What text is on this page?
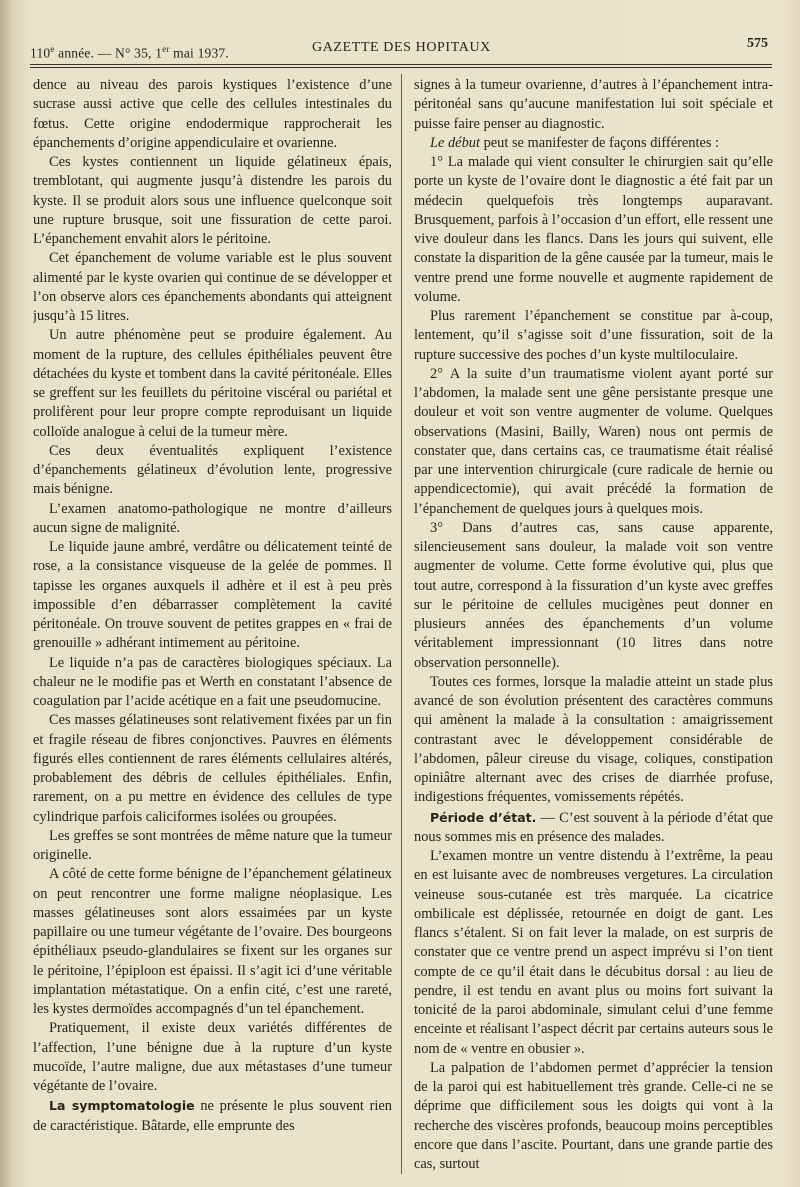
110e année. — N° 35, 1er mai 1937.	GAZETTE DES HOPITAUX	575

dence au niveau des parois kystiques l’existence d’une sucrase aussi active que celle des cellules intestinales du fœtus. Cette origine endodermique rapprocherait les épanchements d’origine appendiculaire et ovarienne.

Ces kystes contiennent un liquide gélatineux épais, tremblotant, qui augmente jusqu’à distendre les parois du kyste. Il se produit alors sous une influence quelconque soit une rupture brusque, soit une fissuration de cette paroi. L’épanchement envahit alors le péritoine.

Cet épanchement de volume variable est le plus souvent alimenté par le kyste ovarien qui continue de se développer et l’on observe alors ces épanchements abondants qui atteignent jusqu’à 15 litres.

Un autre phénomène peut se produire également. Au moment de la rupture, des cellules épithéliales peuvent être détachées du kyste et tombent dans la cavité péritonéale. Elles se greffent sur les feuillets du péritoine viscéral ou pariétal et prolifèrent pour leur propre compte reproduisant un liquide colloïde analogue à celui de la tumeur mère.

Ces deux éventualités expliquent l’existence d’épanchements gélatineux d’évolution lente, progressive mais bénigne.

L’examen anatomo-pathologique ne montre d’ailleurs aucun signe de malignité.

Le liquide jaune ambré, verdâtre ou délicatement teinté de rose, a la consistance visqueuse de la gelée de pommes. Il tapisse les organes auxquels il adhère et il est à peu près impossible d’en débarrasser complètement la cavité péritonéale. On trouve souvent de petites grappes en « frai de grenouille » adhérant intimement au péritoine.

Le liquide n’a pas de caractères biologiques spéciaux. La chaleur ne le modifie pas et Werth en constatant l’absence de coagulation par l’acide acétique en a fait une pseudomucine.

Ces masses gélatineuses sont relativement fixées par un fin et fragile réseau de fibres conjonctives. Pauvres en éléments figurés elles contiennent de rares éléments cellulaires altérés, probablement des débris de cellules épithéliales. Enfin, rarement, on a pu mettre en évidence des cellules de type cylindrique parfois caliciformes isolées ou groupées.

Les greffes se sont montrées de même nature que la tumeur originelle.

A côté de cette forme bénigne de l’épanchement gélatineux on peut rencontrer une forme maligne néoplasique. Les masses gélatineuses sont alors essaimées par un kyste papillaire ou une tumeur végétante de l’ovaire. Des bourgeons épithéliaux pseudo-glandulaires se fixent sur les organes sur le péritoine, l’épiploon est épaissi. Il s’agit ici d’une véritable implantation métastatique. On a enfin cité, c’est une rareté, les kystes dermoïdes accompagnés d’un tel épanchement.

Pratiquement, il existe deux variétés différentes de l’affection, l’une bénigne due à la rupture d’un kyste mucoïde, l’autre maligne, due aux métastases d’une tumeur végétante de l’ovaire.

La symptomatologie ne présente le plus souvent rien de caractéristique. Bâtarde, elle emprunte des

signes à la tumeur ovarienne, d’autres à l’épanchement intra-péritonéal sans qu’aucune manifestation lui soit spéciale et puisse faire penser au diagnostic.

Le début peut se manifester de façons différentes :

1° La malade qui vient consulter le chirurgien sait qu’elle porte un kyste de l’ovaire dont le diagnostic a été fait par un médecin quelquefois très longtemps auparavant. Brusquement, parfois à l’occasion d’un effort, elle ressent une vive douleur dans les flancs. Dans les jours qui suivent, elle constate la disparition de la gêne causée par la tumeur, mais le ventre prend une forme nouvelle et augmente rapidement de volume.

Plus rarement l’épanchement se constitue par à-coup, lentement, qu’il s’agisse soit d’une fissuration, soit de la rupture successive des poches d’un kyste multiloculaire.

2° A la suite d’un traumatisme violent ayant porté sur l’abdomen, la malade sent une gêne persistante presque une douleur et voit son ventre augmenter de volume. Quelques observations (Masini, Bailly, Waren) nous ont permis de constater que, dans certains cas, ce traumatisme était réalisé par une intervention chirurgicale (cure radicale de hernie ou appendicectomie), qui avait précédé la formation de l’épanchement de quelques jours à quelques mois.

3° Dans d’autres cas, sans cause apparente, silencieusement sans douleur, la malade voit son ventre augmenter de volume. Cette forme évolutive qui, plus que tout autre, correspond à la fissuration d’un kyste avec greffes sur le péritoine de cellules mucigènes peut donner en plusieurs années des épanchements d’un volume véritablement impressionnant (10 litres dans notre observation personnelle).

Toutes ces formes, lorsque la maladie atteint un stade plus avancé de son évolution présentent des caractères communs qui amènent la malade à la consultation : amaigrissement contrastant avec le développement considérable de l’abdomen, pâleur cireuse du visage, coliques, constipation opiniâtre alternant avec des crises de diarrhée profuse, indigestions fréquentes, vomissements répétés.

Période d’état. — C’est souvent à la période d’état que nous sommes mis en présence des malades.

L’examen montre un ventre distendu à l’extrême, la peau en est luisante avec de nombreuses vergetures. La circulation veineuse sous-cutanée est très marquée. La cicatrice ombilicale est déplissée, retournée en doigt de gant. Les flancs s’étalent. Si on fait lever la malade, on est surpris de constater que ce ventre prend un aspect imprévu si l’on tient compte de ce qu’il était dans le décubitus dorsal : au lieu de pendre, il est tendu en avant plus ou moins fort suivant la tonicité de la paroi abdominale, simulant celui d’une femme enceinte et réalisant l’aspect décrit par certains auteurs sous le nom de « ventre en obusier ».

La palpation de l’abdomen permet d’apprécier la tension de la paroi qui est habituellement très grande. Celle-ci ne se déprime que difficilement sous les doigts qui vont à la recherche des viscères profonds, beaucoup moins perceptibles encore que dans l’ascite. Pourtant, dans une grande partie des cas, surtout
